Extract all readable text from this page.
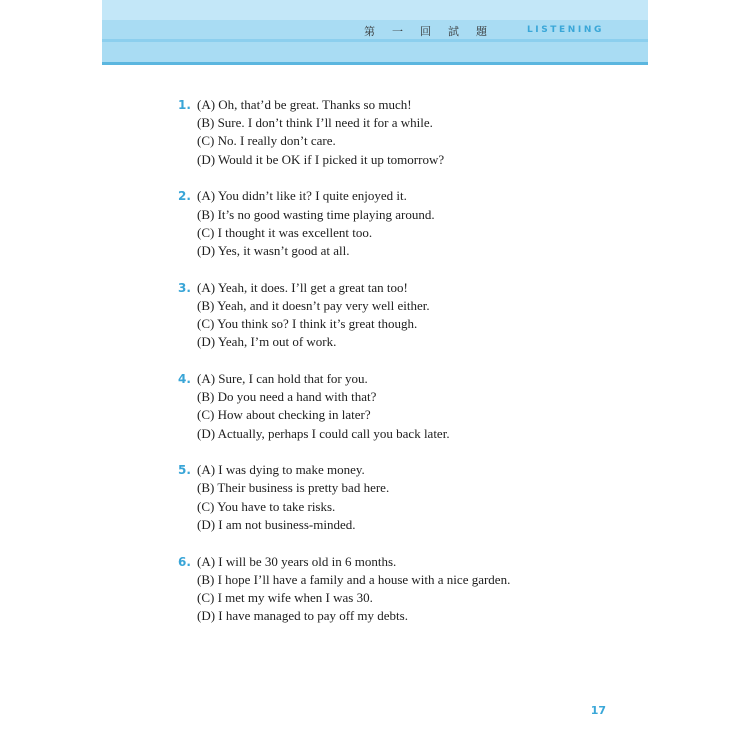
第一回試題	LISTENING
1. (A) Oh, that’d be great. Thanks so much!
(B) Sure. I don’t think I’ll need it for a while.
(C) No. I really don’t care.
(D) Would it be OK if I picked it up tomorrow?
2. (A) You didn’t like it? I quite enjoyed it.
(B) It’s no good wasting time playing around.
(C) I thought it was excellent too.
(D) Yes, it wasn’t good at all.
3. (A) Yeah, it does. I’ll get a great tan too!
(B) Yeah, and it doesn’t pay very well either.
(C) You think so? I think it’s great though.
(D) Yeah, I’m out of work.
4. (A) Sure, I can hold that for you.
(B) Do you need a hand with that?
(C) How about checking in later?
(D) Actually, perhaps I could call you back later.
5. (A) I was dying to make money.
(B) Their business is pretty bad here.
(C) You have to take risks.
(D) I am not business-minded.
6. (A) I will be 30 years old in 6 months.
(B) I hope I’ll have a family and a house with a nice garden.
(C) I met my wife when I was 30.
(D) I have managed to pay off my debts.
17
